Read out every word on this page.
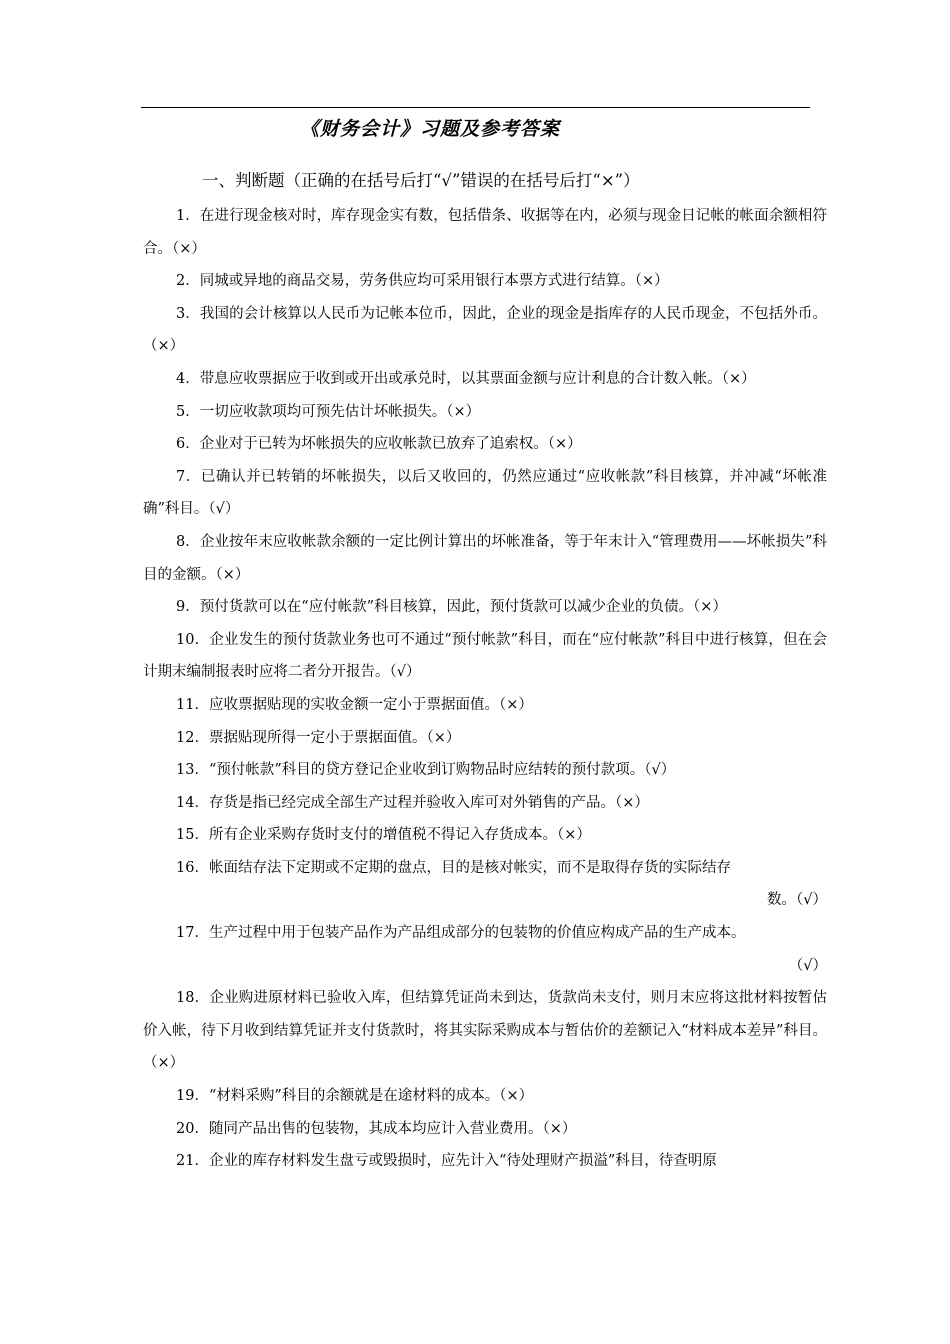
《财务会计》习题及参考答案
一、判断题（正确的在括号后打“√”错误的在括号后打“×”）

1．在进行现金核对时，库存现金实有数，包括借条、收据等在内，必须与现金日记帐的帐面余额相符合。（×）

2．同城或异地的商品交易，劳务供应均可采用银行本票方式进行结算。（×）

3．我国的会计核算以人民币为记帐本位币，因此，企业的现金是指库存的人民币现金，不包括外币。（×）

4．带息应收票据应于收到或开出或承兑时，以其票面金额与应计利息的合计数入帐。（×）

5．一切应收款项均可预先估计坏帐损失。（×）

6．企业对于已转为坏帐损失的应收帐款已放弃了追索权。（×）

7．已确认并已转销的坏帐损失，以后又收回的，仍然应通过“应收帐款”科目核算，并冲减“坏帐准确”科目。（√）

8．企业按年末应收帐款余额的一定比例计算出的坏帐准备，等于年末计入“管理费用——坏帐损失”科目的金额。（×）

9．预付货款可以在“应付帐款”科目核算，因此，预付货款可以减少企业的负债。（×）

10．企业发生的预付货款业务也可不通过“预付帐款”科目，而在“应付帐款”科目中进行核算，但在会计期末编制报表时应将二者分开报告。（√）

11．应收票据贴现的实收金额一定小于票据面值。（×）

12．票据贴现所得一定小于票据面值。（×）

13．“预付帐款”科目的贷方登记企业收到订购物品时应结转的预付款项。（√）

14．存货是指已经完成全部生产过程并验收入库可对外销售的产品。（×）

15．所有企业采购存货时支付的增值税不得记入存货成本。（×）

16．帐面结存法下定期或不定期的盘点，目的是核对帐实，而不是取得存货的实际结存
数。（√）

17．生产过程中用于包装产品作为产品组成部分的包装物的价值应构成产品的生产成本。
（√）

18．企业购进原材料已验收入库，但结算凭证尚未到达，货款尚未支付，则月末应将这批材料按暂估价入帐，待下月收到结算凭证并支付货款时，将其实际采购成本与暂估价的差额记入“材料成本差异”科目。（×）

19．“材料采购”科目的余额就是在途材料的成本。（×）

20．随同产品出售的包装物，其成本均应计入营业费用。（×）

21．企业的库存材料发生盘亏或毁损时，应先计入“待处理财产损溢”科目，待查明原
